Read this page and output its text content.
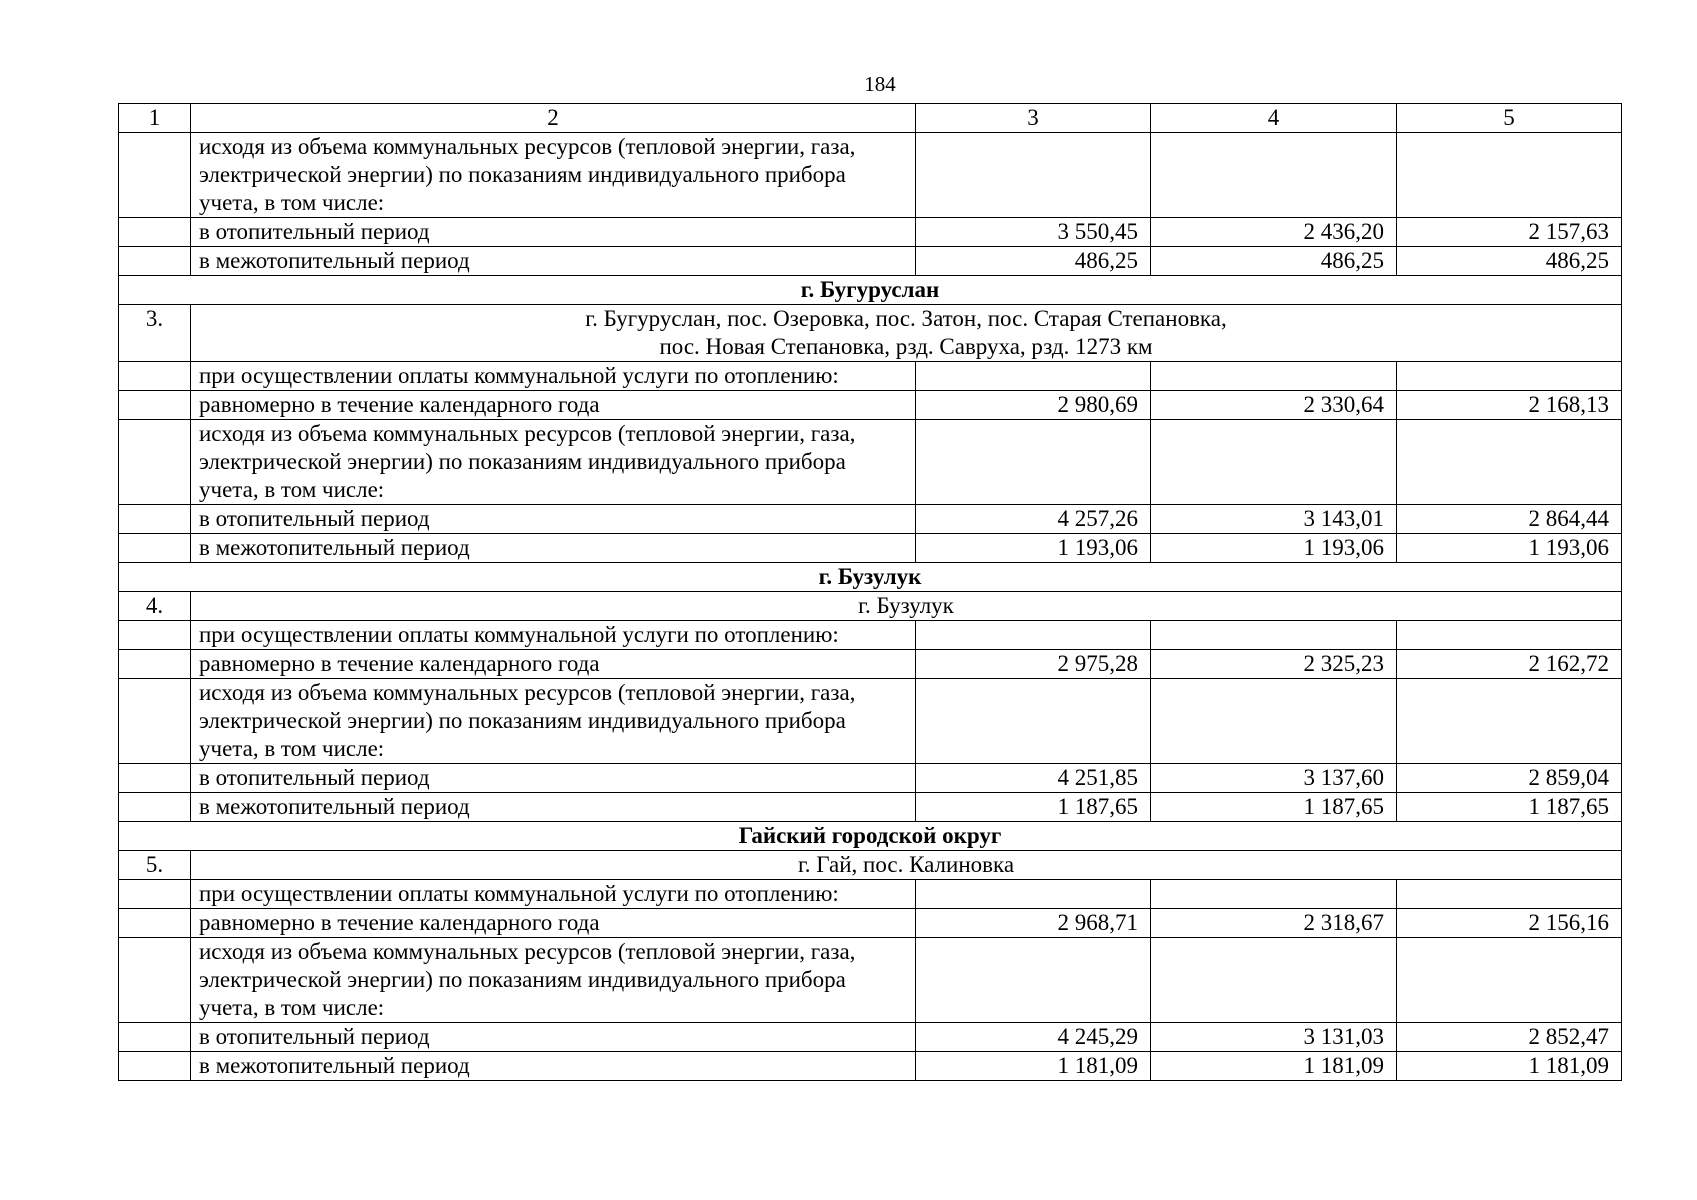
184
1	2	3	4	5
	исходя из объема коммунальных ресурсов (тепловой энергии, газа, электрической энергии) по показаниям индивидуального прибора учета, в том числе:			
	в отопительный период	3 550,45	2 436,20	2 157,63
	в межотопительный период	486,25	486,25	486,25
г. Бугуруслан				
3.	г. Бугуруслан, пос. Озеровка, пос. Затон, пос. Старая Степановка,
пос. Новая Степановка, рзд. Савруха, рзд. 1273 км			

	при осуществлении оплаты коммунальной услуги по отоплению:			
	равномерно в течение календарного года	2 980,69	2 330,64	2 168,13
	исходя из объема коммунальных ресурсов (тепловой энергии, газа, электрической энергии) по показаниям индивидуального прибора учета, в том числе:			
	в отопительный период	4 257,26	3 143,01	2 864,44
	в межотопительный период	1 193,06	1 193,06	1 193,06
г. Бузулук				
4.	г. Бузулук			

	при осуществлении оплаты коммунальной услуги по отоплению:			
	равномерно в течение календарного года	2 975,28	2 325,23	2 162,72
	исходя из объема коммунальных ресурсов (тепловой энергии, газа, электрической энергии) по показаниям индивидуального прибора учета, в том числе:			
	в отопительный период	4 251,85	3 137,60	2 859,04
	в межотопительный период	1 187,65	1 187,65	1 187,65
Гайский городской округ				
5.	г. Гай, пос. Калиновка			

	при осуществлении оплаты коммунальной услуги по отоплению:			
	равномерно в течение календарного года	2 968,71	2 318,67	2 156,16
	исходя из объема коммунальных ресурсов (тепловой энергии, газа, электрической энергии) по показаниям индивидуального прибора учета, в том числе:			
	в отопительный период	4 245,29	3 131,03	2 852,47
	в межотопительный период	1 181,09	1 181,09	1 181,09
